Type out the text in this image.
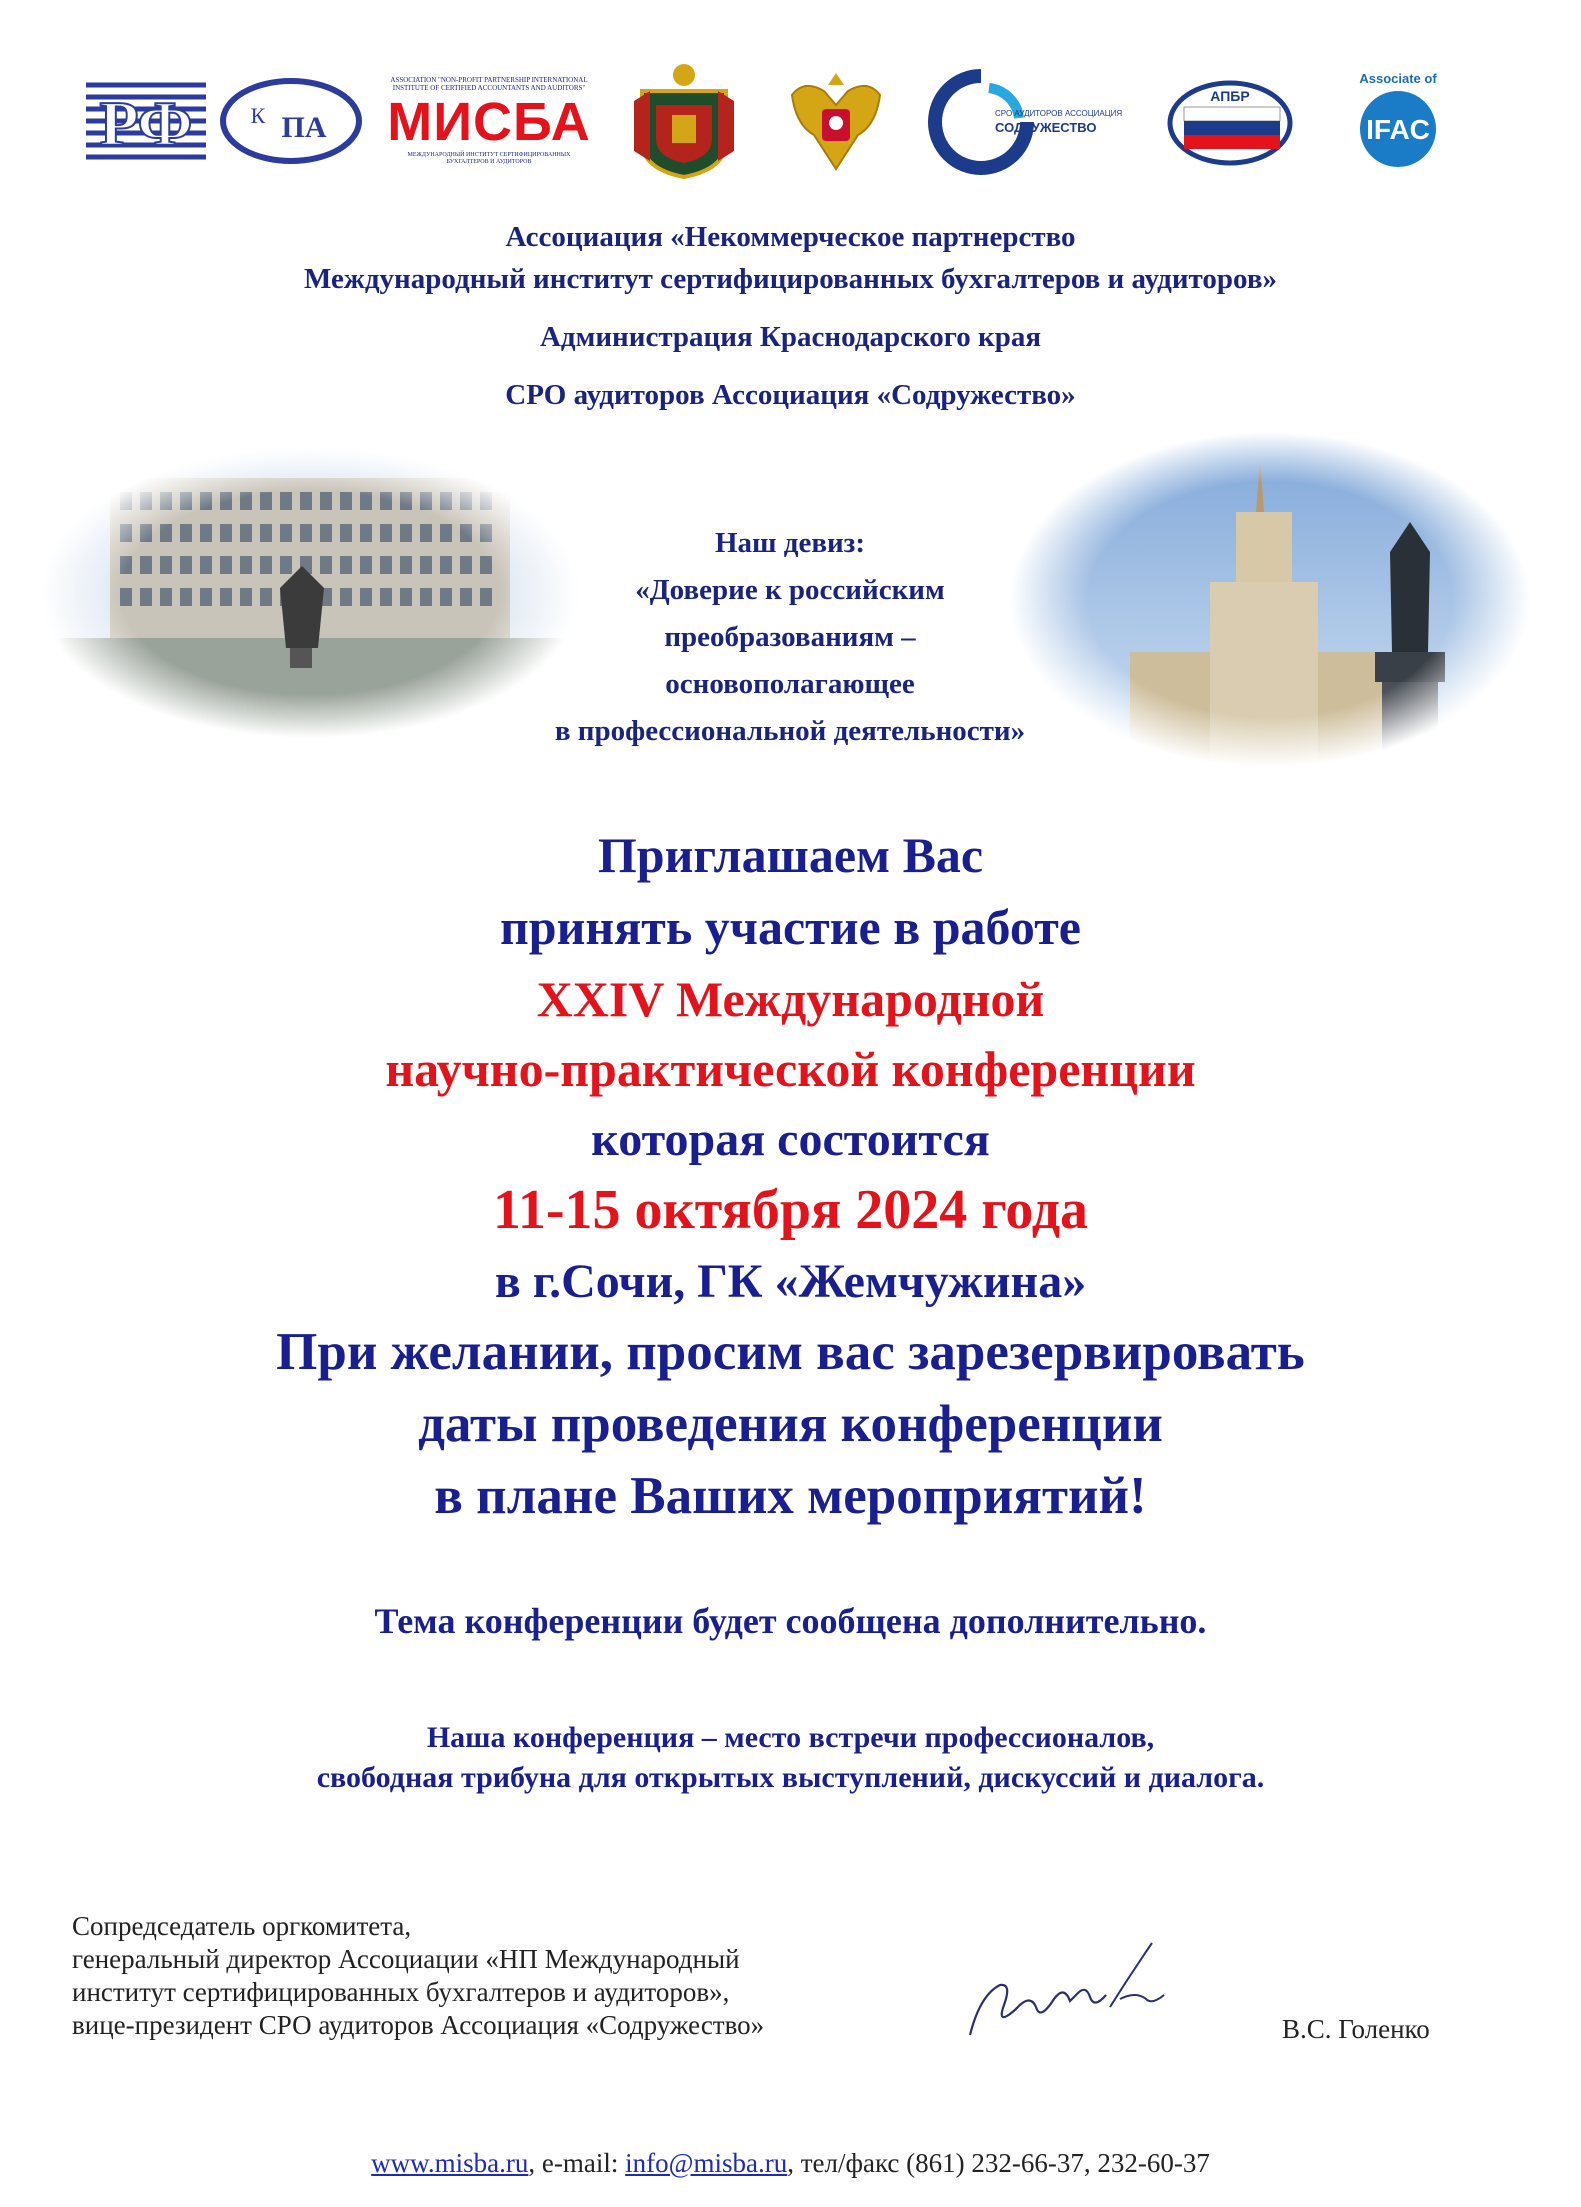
РФ	К ПА
ASSOCIATION "NON-PROFIT PARTNERSHIP INTERNATIONAL INSTITUTE OF CERTIFIED ACCOUNTANTS AND AUDITORS"
МИСБА
МЕЖДУНАРОДНЫЙ ИНСТИТУТ СЕРТИФИЦИРОВАННЫХ БУХГАЛТЕРОВ И АУДИТОРОВ
СРО АУДИТОРОВ АССОЦИАЦИЯ
СОДРУЖЕСТВО
АПБР
Associate of
IFAC
Ассоциация «Некоммерческое партнерство
Международный институт сертифицированных бухгалтеров и аудиторов»
Администрация Краснодарского края
СРО аудиторов Ассоциация «Содружество»
Наш девиз:
«Доверие к российским
преобразованиям –
основополагающее
в профессиональной деятельности»
Приглашаем Вас
принять участие в работе
XXIV Международной
научно-практической конференции
которая состоится
11-15 октября 2024 года
в г.Сочи, ГК «Жемчужина»
При желании, просим вас зарезервировать
даты проведения конференции
в плане Ваших мероприятий!
Тема конференции будет сообщена дополнительно.
Наша конференция – место встречи профессионалов,
свободная трибуна для открытых выступлений, дискуссий и диалога.
Сопредседатель оргкомитета,
генеральный директор Ассоциации «НП Международный
институт сертифицированных бухгалтеров и аудиторов»,
вице-президент СРО аудиторов Ассоциация «Содружество»	В.С. Голенко
www.misba.ru, e-mail: info@misba.ru, тел/факс (861) 232-66-37, 232-60-37
